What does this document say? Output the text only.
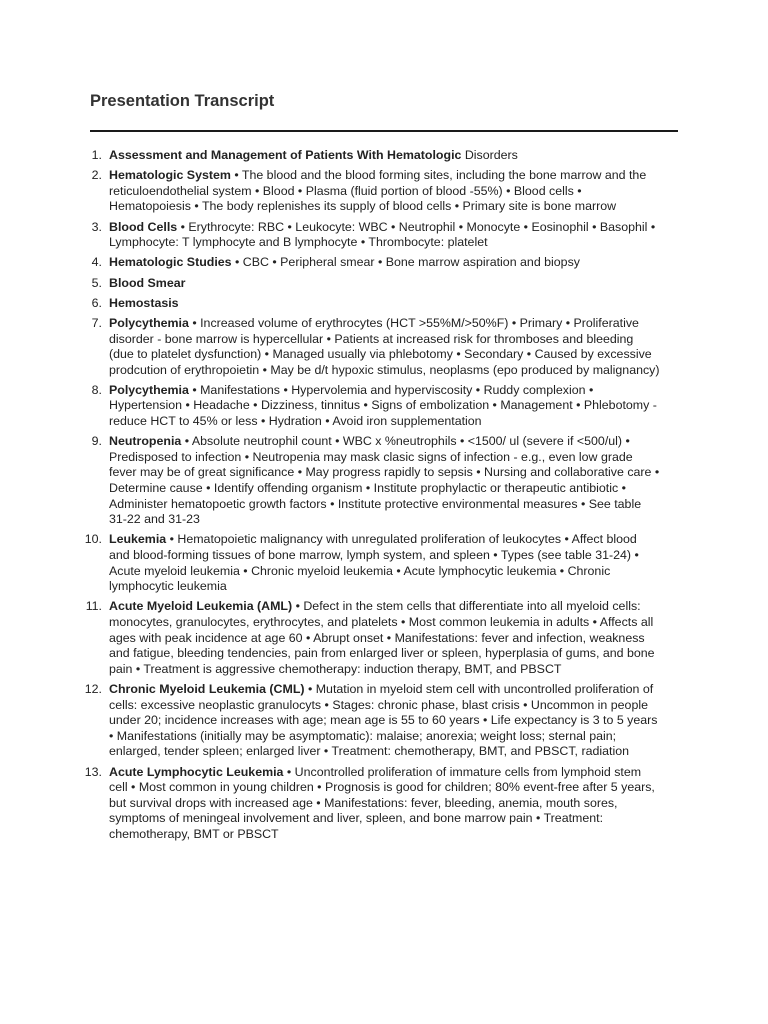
Presentation Transcript
1. Assessment and Management of Patients With Hematologic Disorders
2. Hematologic System • The blood and the blood forming sites, including the bone marrow and the reticuloendothelial system • Blood • Plasma (fluid portion of blood -55%) • Blood cells • Hematopoiesis • The body replenishes its supply of blood cells • Primary site is bone marrow
3. Blood Cells • Erythrocyte: RBC • Leukocyte: WBC • Neutrophil • Monocyte • Eosinophil • Basophil • Lymphocyte: T lymphocyte and B lymphocyte • Thrombocyte: platelet
4. Hematologic Studies • CBC • Peripheral smear • Bone marrow aspiration and biopsy
5. Blood Smear
6. Hemostasis
7. Polycythemia • Increased volume of erythrocytes (HCT >55%M/>50%F) • Primary • Proliferative disorder - bone marrow is hypercellular • Patients at increased risk for thromboses and bleeding (due to platelet dysfunction) • Managed usually via phlebotomy • Secondary • Caused by excessive prodcution of erythropoietin • May be d/t hypoxic stimulus, neoplasms (epo produced by malignancy)
8. Polycythemia • Manifestations • Hypervolemia and hyperviscosity • Ruddy complexion • Hypertension • Headache • Dizziness, tinnitus • Signs of embolization • Management • Phlebotomy - reduce HCT to 45% or less • Hydration • Avoid iron supplementation
9. Neutropenia • Absolute neutrophil count • WBC x %neutrophils • <1500/ ul (severe if <500/ul) • Predisposed to infection • Neutropenia may mask clasic signs of infection - e.g., even low grade fever may be of great significance • May progress rapidly to sepsis • Nursing and collaborative care • Determine cause • Identify offending organism • Institute prophylactic or therapeutic antibiotic • Administer hematopoetic growth factors • Institute protective environmental measures • See table 31-22 and 31-23
10. Leukemia • Hematopoietic malignancy with unregulated proliferation of leukocytes • Affect blood and blood-forming tissues of bone marrow, lymph system, and spleen • Types (see table 31-24) • Acute myeloid leukemia • Chronic myeloid leukemia • Acute lymphocytic leukemia • Chronic lymphocytic leukemia
11. Acute Myeloid Leukemia (AML) • Defect in the stem cells that differentiate into all myeloid cells: monocytes, granulocytes, erythrocytes, and platelets • Most common leukemia in adults • Affects all ages with peak incidence at age 60 • Abrupt onset • Manifestations: fever and infection, weakness and fatigue, bleeding tendencies, pain from enlarged liver or spleen, hyperplasia of gums, and bone pain • Treatment is aggressive chemotherapy: induction therapy, BMT, and PBSCT
12. Chronic Myeloid Leukemia (CML) • Mutation in myeloid stem cell with uncontrolled proliferation of cells: excessive neoplastic granulocyts • Stages: chronic phase, blast crisis • Uncommon in people under 20; incidence increases with age; mean age is 55 to 60 years • Life expectancy is 3 to 5 years • Manifestations (initially may be asymptomatic): malaise; anorexia; weight loss; sternal pain; enlarged, tender spleen; enlarged liver • Treatment: chemotherapy, BMT, and PBSCT, radiation
13. Acute Lymphocytic Leukemia • Uncontrolled proliferation of immature cells from lymphoid stem cell • Most common in young children • Prognosis is good for children; 80% event-free after 5 years, but survival drops with increased age • Manifestations: fever, bleeding, anemia, mouth sores, symptoms of meningeal involvement and liver, spleen, and bone marrow pain • Treatment: chemotherapy, BMT or PBSCT
